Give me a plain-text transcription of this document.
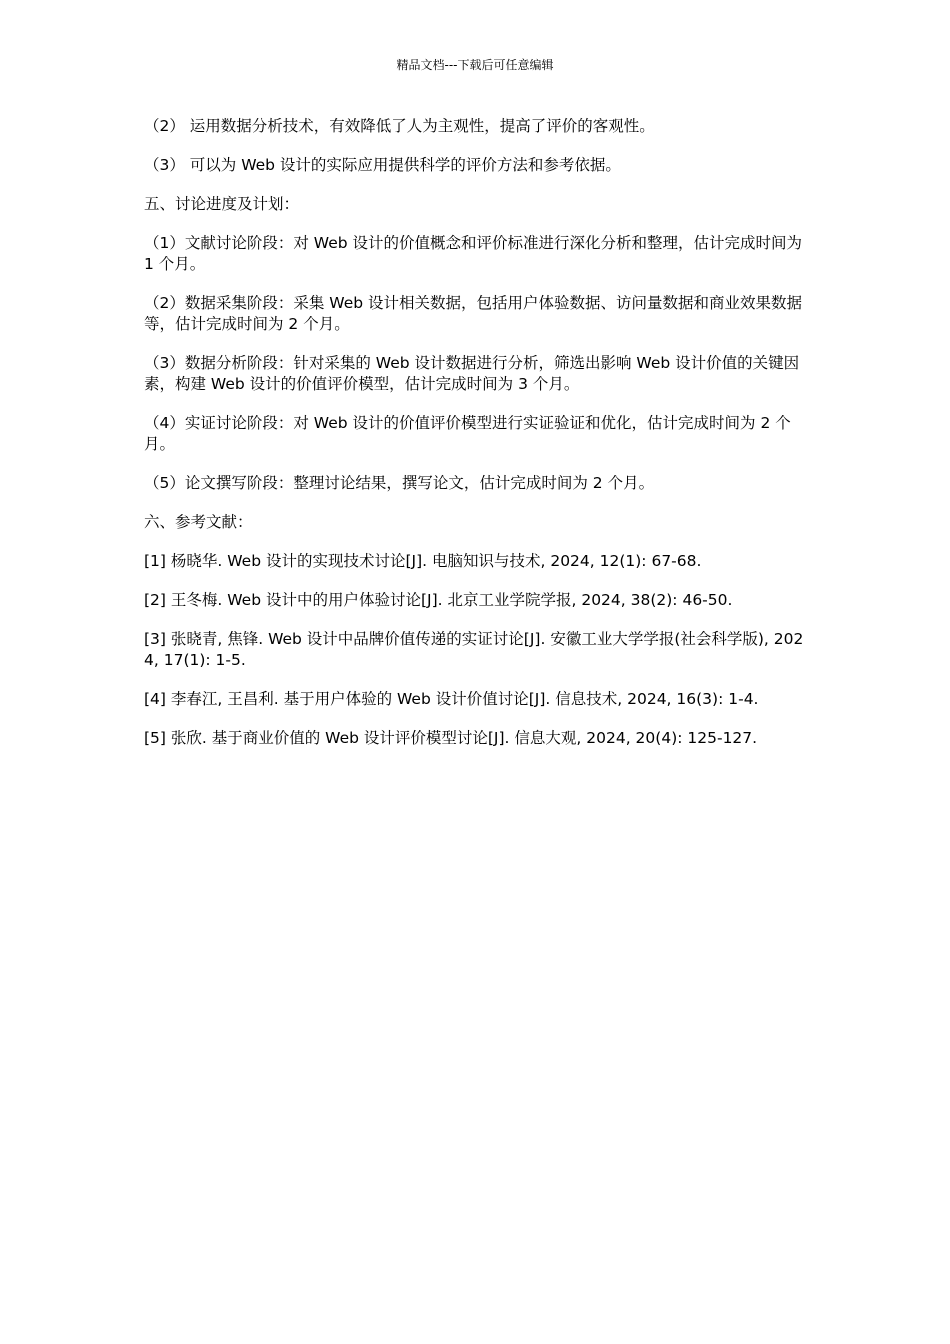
精品文档---下载后可任意编辑

（2） 运用数据分析技术，有效降低了人为主观性，提高了评价的客观性。

（3） 可以为 Web 设计的实际应用提供科学的评价方法和参考依据。

五、讨论进度及计划：

（1）文献讨论阶段：对 Web 设计的价值概念和评价标准进行深化分析和整理，估计完成时间为 1 个月。

（2）数据采集阶段：采集 Web 设计相关数据，包括用户体验数据、访问量数据和商业效果数据等，估计完成时间为 2 个月。

（3）数据分析阶段：针对采集的 Web 设计数据进行分析，筛选出影响 Web 设计价值的关键因素，构建 Web 设计的价值评价模型，估计完成时间为 3 个月。

（4）实证讨论阶段：对 Web 设计的价值评价模型进行实证验证和优化，估计完成时间为 2 个月。

（5）论文撰写阶段：整理讨论结果，撰写论文，估计完成时间为 2 个月。

六、参考文献：

[1] 杨晓华. Web 设计的实现技术讨论[J]. 电脑知识与技术, 2024, 12(1): 67-68.

[2] 王冬梅. Web 设计中的用户体验讨论[J]. 北京工业学院学报, 2024, 38(2): 46-50.

[3] 张晓青, 焦锋. Web 设计中品牌价值传递的实证讨论[J]. 安徽工业大学学报(社会科学版), 2024, 17(1): 1-5.

[4] 李春江, 王昌利. 基于用户体验的 Web 设计价值讨论[J]. 信息技术, 2024, 16(3): 1-4.

[5] 张欣. 基于商业价值的 Web 设计评价模型讨论[J]. 信息大观, 2024, 20(4): 125-127.
